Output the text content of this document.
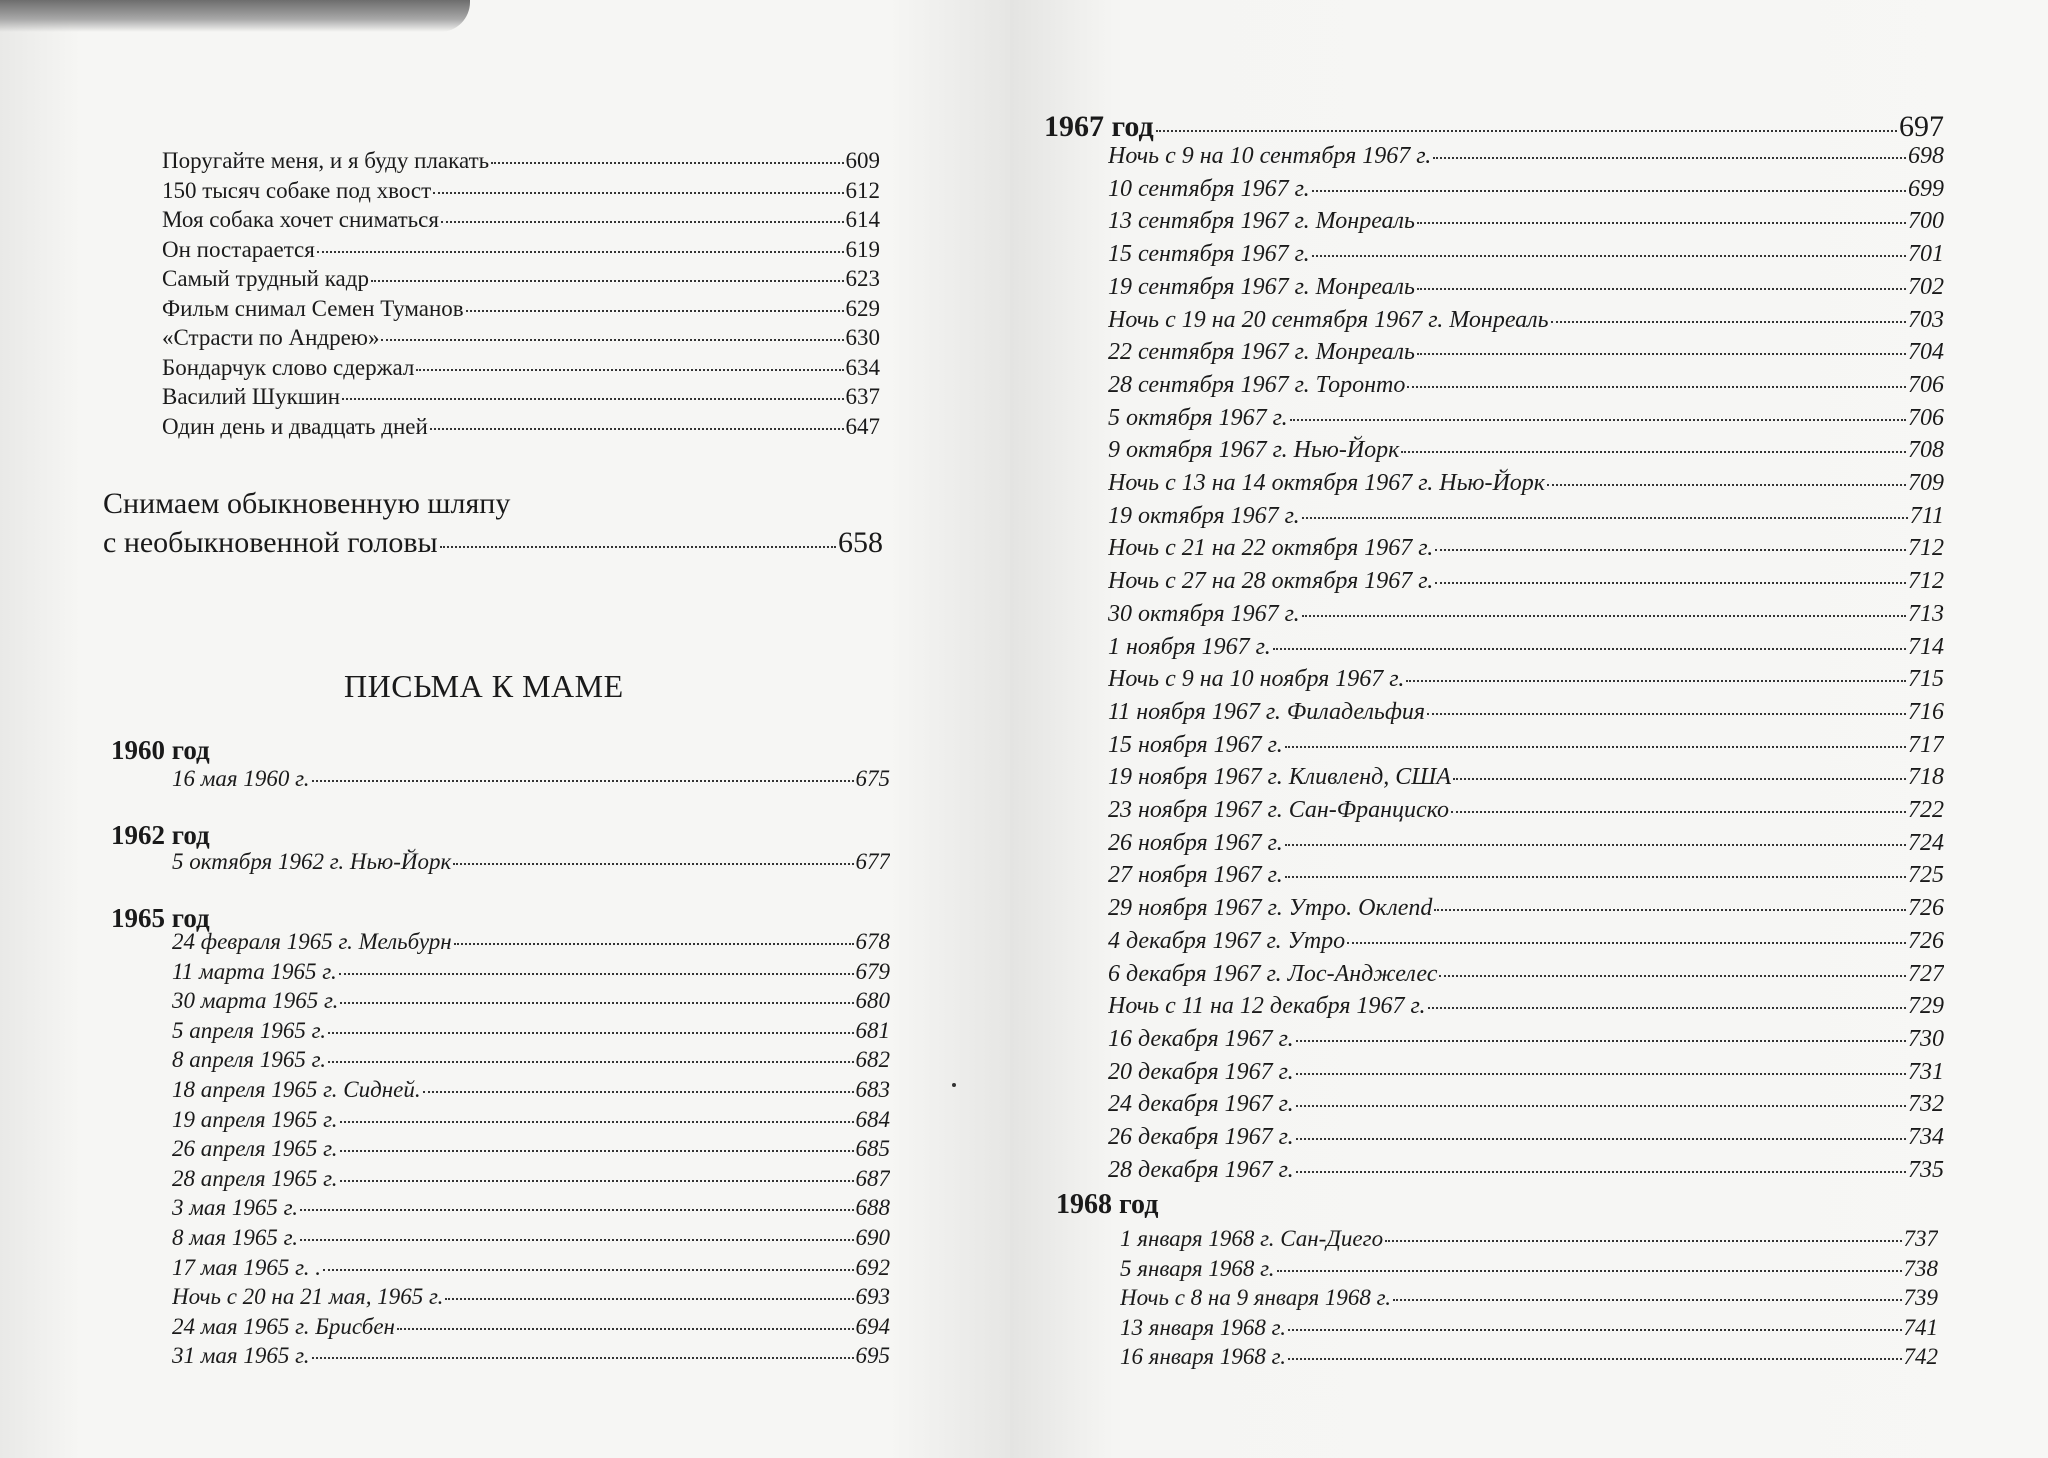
Поругайте меня, и я буду плакать	609
150 тысяч собаке под хвост	612
Моя собака хочет сниматься	614
Он постарается	619
Самый трудный кадр	623
Фильм снимал Семен Туманов	629
«Страсти по Андрею»	630
Бондарчук слово сдержал	634
Василий Шукшин	637
Один день и двадцать дней	647
Снимаем обыкновенную шляпу
с необыкновенной головы	658
ПИСЬМА К МАМЕ
1960 год
16 мая 1960 г.	675
1962 год
5 октября 1962 г. Нью-Йорк	677
1965 год
24 февраля 1965 г. Мельбурн	678
11 марта 1965 г.	679
30 марта 1965 г.	680
5 апреля 1965 г.	681
8 апреля 1965 г.	682
18 апреля 1965 г. Сидней.	683
19 апреля 1965 г.	684
26 апреля 1965 г.	685
28 апреля 1965 г.	687
3 мая 1965 г.	688
8 мая 1965 г.	690
17 мая 1965 г. .	692
Ночь с 20 на 21 мая, 1965 г.	693
24 мая 1965 г. Брисбен	694
31 мая 1965 г.	695
1967 год	697
Ночь с 9 на 10 сентября 1967 г.	698
10 сентября 1967 г.	699
13 сентября 1967 г. Монреаль	700
15 сентября 1967 г.	701
19 сентября 1967 г. Монреаль	702
Ночь с 19 на 20 сентября 1967 г. Монреаль	703
22 сентября 1967 г. Монреаль	704
28 сентября 1967 г. Торонто	706
5 октября 1967 г.	706
9 октября 1967 г. Нью-Йорк	708
Ночь с 13 на 14 октября 1967 г. Нью-Йорк	709
19 октября 1967 г.	711
Ночь с 21 на 22 октября 1967 г.	712
Ночь с 27 на 28 октября 1967 г.	712
30 октября 1967 г.	713
1 ноября 1967 г.	714
Ночь с 9 на 10 ноября 1967 г.	715
11 ноября 1967 г. Филадельфия	716
15 ноября 1967 г.	717
19 ноября 1967 г. Кливленд, США	718
23 ноября 1967 г. Сан-Франциско	722
26 ноября 1967 г.	724
27 ноября 1967 г.	725
29 ноября 1967 г. Утро. Оклend	726
4 декабря 1967 г. Утро	726
6 декабря 1967 г. Лос-Анджелес	727
Ночь с 11 на 12 декабря 1967 г.	729
16 декабря 1967 г.	730
20 декабря 1967 г.	731
24 декабря 1967 г.	732
26 декабря 1967 г.	734
28 декабря 1967 г.	735
1968 год
1 января 1968 г. Сан-Диего	737
5 января 1968 г.	738
Ночь с 8 на 9 января 1968 г.	739
13 января 1968 г.	741
16 января 1968 г.	742
